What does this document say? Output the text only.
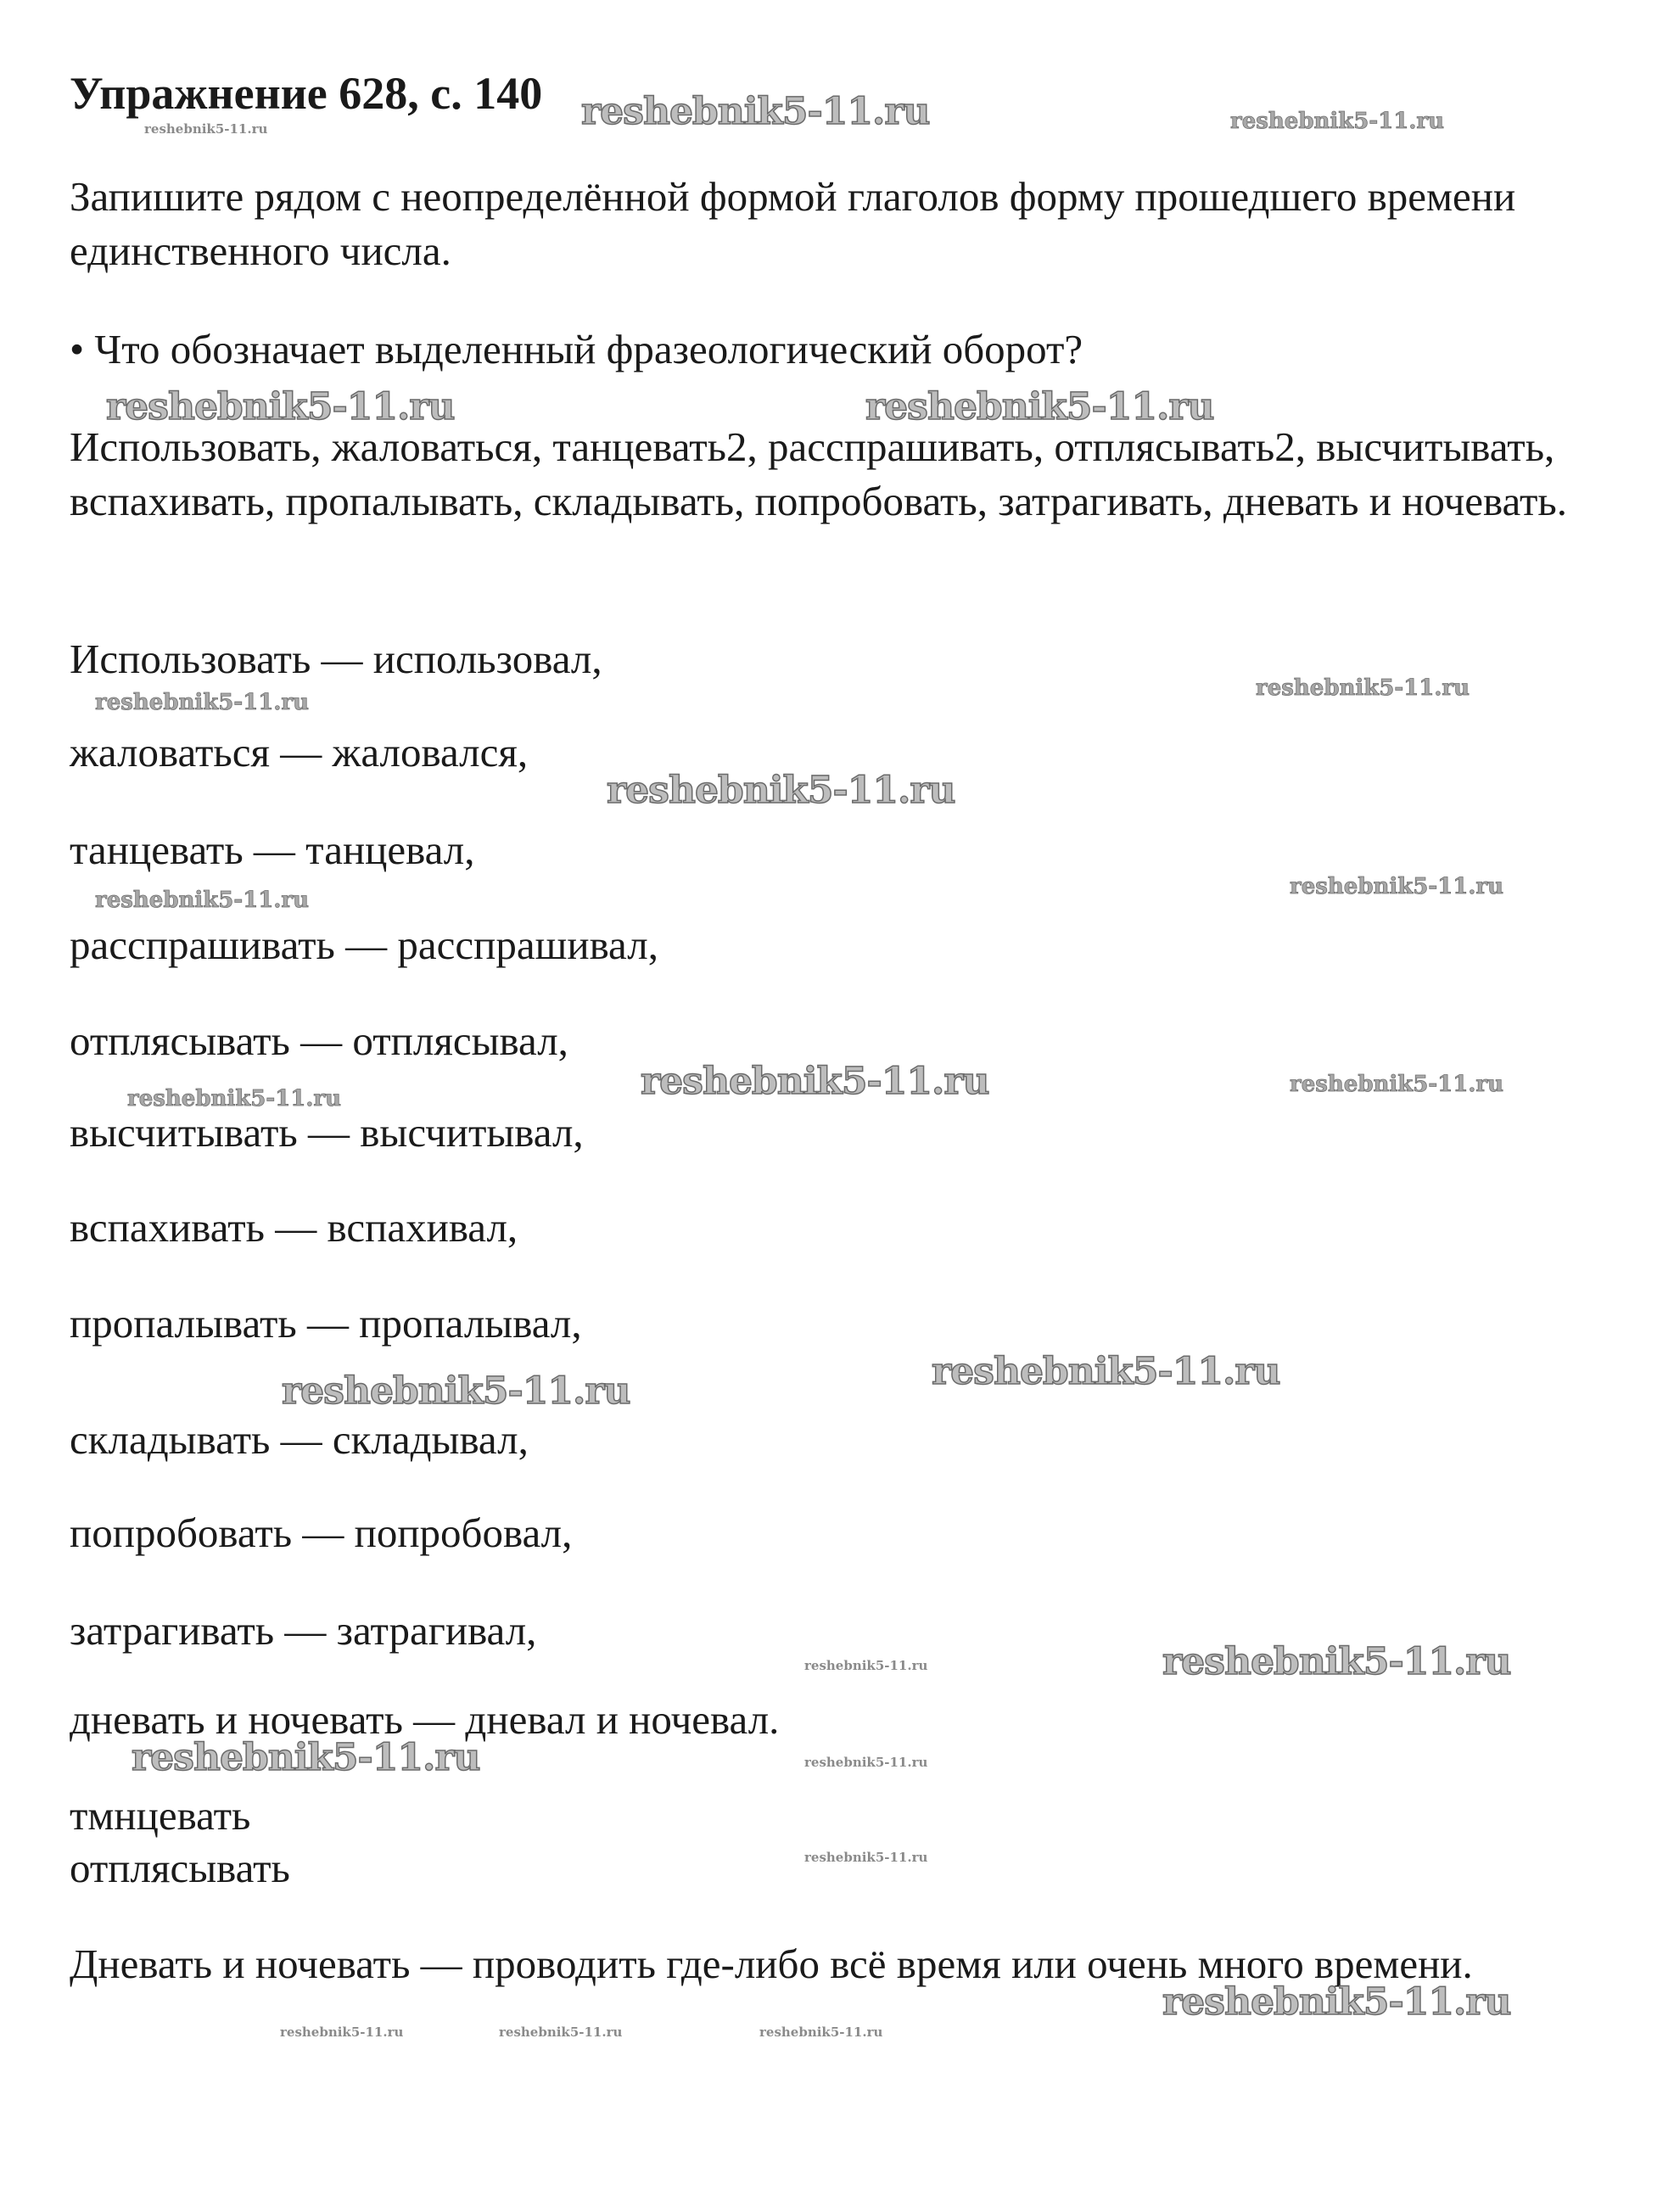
Упражнение 628, с. 140
Запишите рядом с неопределённой формой глаголов форму прошедшего времени единственного числа.
• Что обозначает выделенный фразеологический оборот?
Использовать, жаловаться, танцевать2, расспрашивать, отплясывать2, высчитывать, вспахивать, пропалывать, складывать, попробовать, затрагивать, дневать и ночевать.
Использовать — использовал,
жаловаться — жаловался,
танцевать — танцевал,
расспрашивать — расспрашивал,
отплясывать — отплясывал,
высчитывать — высчитывал,
вспахивать — вспахивал,
пропалывать — пропалывал,
складывать — складывал,
попробовать — попробовал,
затрагивать — затрагивал,
дневать и ночевать — дневал и ночевал.
тмнцевать
отплясывать
Дневать и ночевать — проводить где-либо всё время или очень много времени.
reshebnik5-11.ru	reshebnik5-11.ru
reshebnik5-11.ru
reshebnik5-11.ru	reshebnik5-11.ru
reshebnik5-11.ru
reshebnik5-11.ru
reshebnik5-11.ru
reshebnik5-11.ru
reshebnik5-11.ru
reshebnik5-11.ru	reshebnik5-11.ru	reshebnik5-11.ru
reshebnik5-11.ru
reshebnik5-11.ru
reshebnik5-11.ru
reshebnik5-11.ru
reshebnik5-11.ru	reshebnik5-11.ru
reshebnik5-11.ru
reshebnik5-11.ru
reshebnik5-11.ru	reshebnik5-11.ru	reshebnik5-11.ru
